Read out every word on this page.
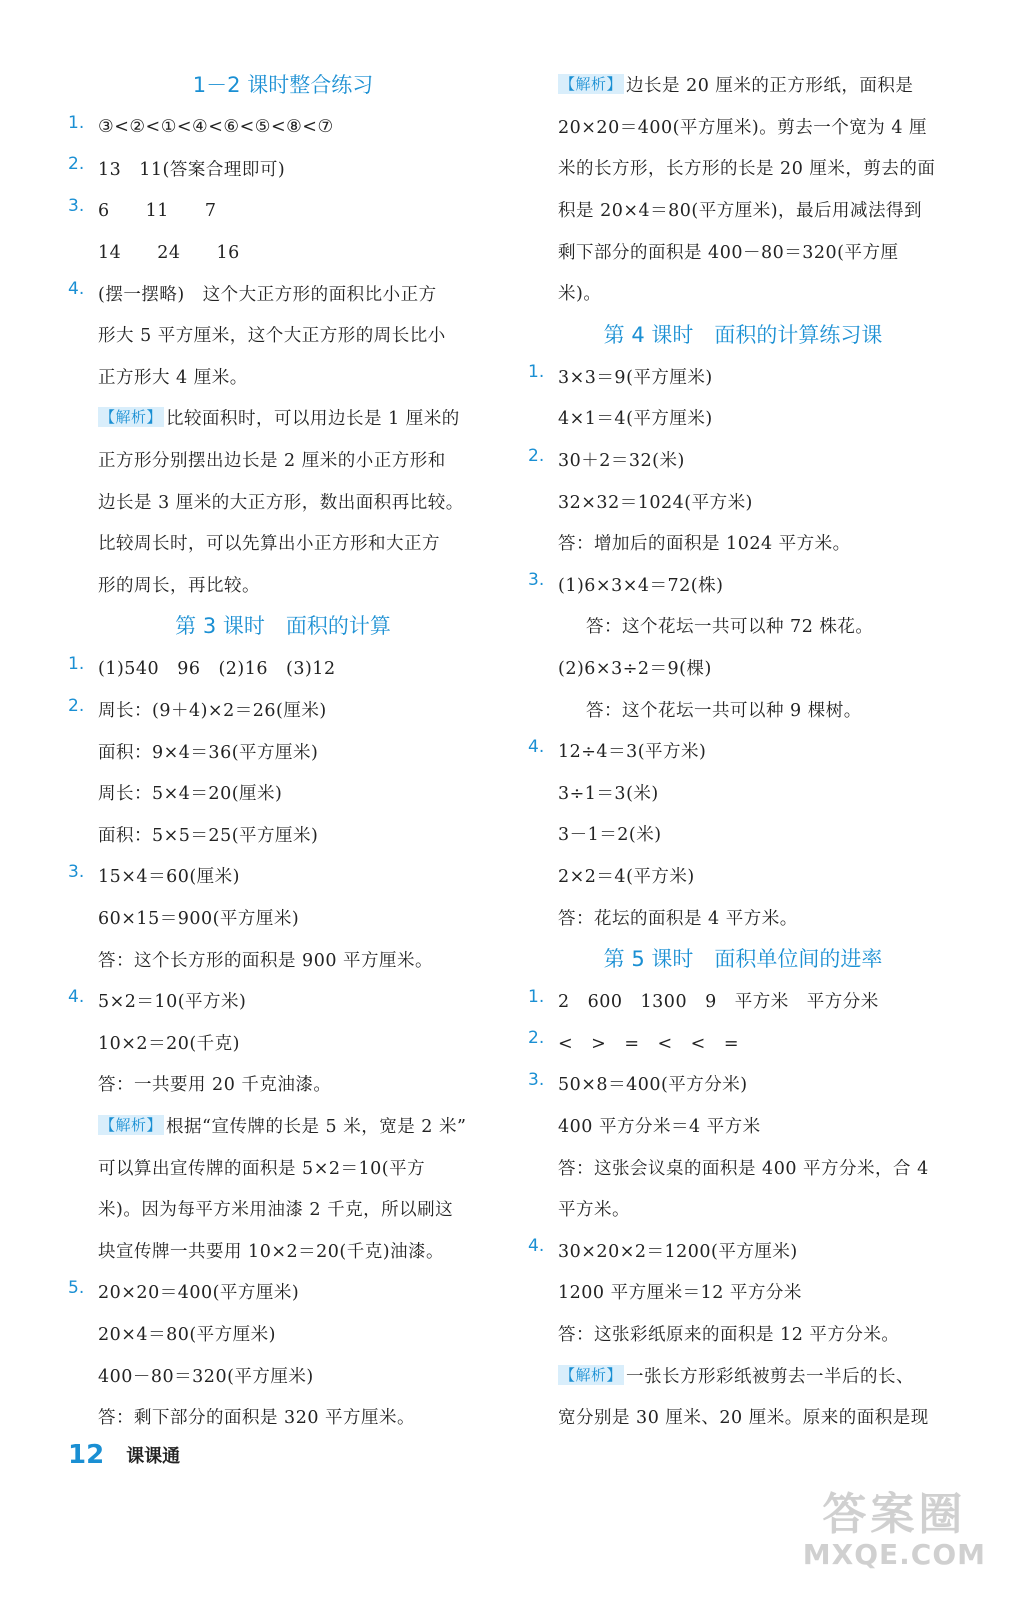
1－2 课时整合练习
1. ③<②<①<④<⑥<⑤<⑧<⑦
2. 13　11(答案合理即可)
3. 6　　11　　7
14　　24　　16
4. (摆一摆略)　这个大正方形的面积比小正方
形大 5 平方厘米，这个大正方形的周长比小
正方形大 4 厘米。
【解析】 比较面积时，可以用边长是 1 厘米的
正方形分别摆出边长是 2 厘米的小正方形和
边长是 3 厘米的大正方形，数出面积再比较。
比较周长时，可以先算出小正方形和大正方
形的周长，再比较。
第 3 课时　面积的计算
1. (1)540　96　(2)16　(3)12
2. 周长：(9＋4)×2＝26(厘米)
面积：9×4＝36(平方厘米)
周长：5×4＝20(厘米)
面积：5×5＝25(平方厘米)
3. 15×4＝60(厘米)
60×15＝900(平方厘米)
答：这个长方形的面积是 900 平方厘米。
4. 5×2＝10(平方米)
10×2＝20(千克)
答：一共要用 20 千克油漆。
【解析】 根据“宣传牌的长是 5 米，宽是 2 米”
可以算出宣传牌的面积是 5×2＝10(平方
米)。因为每平方米用油漆 2 千克，所以刷这
块宣传牌一共要用 10×2＝20(千克)油漆。
5. 20×20＝400(平方厘米)
20×4＝80(平方厘米)
400－80＝320(平方厘米)
答：剩下部分的面积是 320 平方厘米。
【解析】 边长是 20 厘米的正方形纸，面积是
20×20＝400(平方厘米)。剪去一个宽为 4 厘
米的长方形，长方形的长是 20 厘米，剪去的面
积是 20×4＝80(平方厘米)，最后用减法得到
剩下部分的面积是 400－80＝320(平方厘
米)。
第 4 课时　面积的计算练习课
1. 3×3＝9(平方厘米)
4×1＝4(平方厘米)
2. 30＋2＝32(米)
32×32＝1024(平方米)
答：增加后的面积是 1024 平方米。
3. (1)6×3×4＝72(株)
答：这个花坛一共可以种 72 株花。
(2)6×3÷2＝9(棵)
答：这个花坛一共可以种 9 棵树。
4. 12÷4＝3(平方米)
3÷1＝3(米)
3－1＝2(米)
2×2＝4(平方米)
答：花坛的面积是 4 平方米。
第 5 课时　面积单位间的进率
1. 2　600　1300　9　平方米　平方分米
2. <　>　=　<　<　=
3. 50×8＝400(平方分米)
400 平方分米＝4 平方米
答：这张会议桌的面积是 400 平方分米，合 4
平方米。
4. 30×20×2＝1200(平方厘米)
1200 平方厘米＝12 平方分米
答：这张彩纸原来的面积是 12 平方分米。
【解析】 一张长方形彩纸被剪去一半后的长、
宽分别是 30 厘米、20 厘米。原来的面积是现
12 课课通
答案圈
MXQE.COM
